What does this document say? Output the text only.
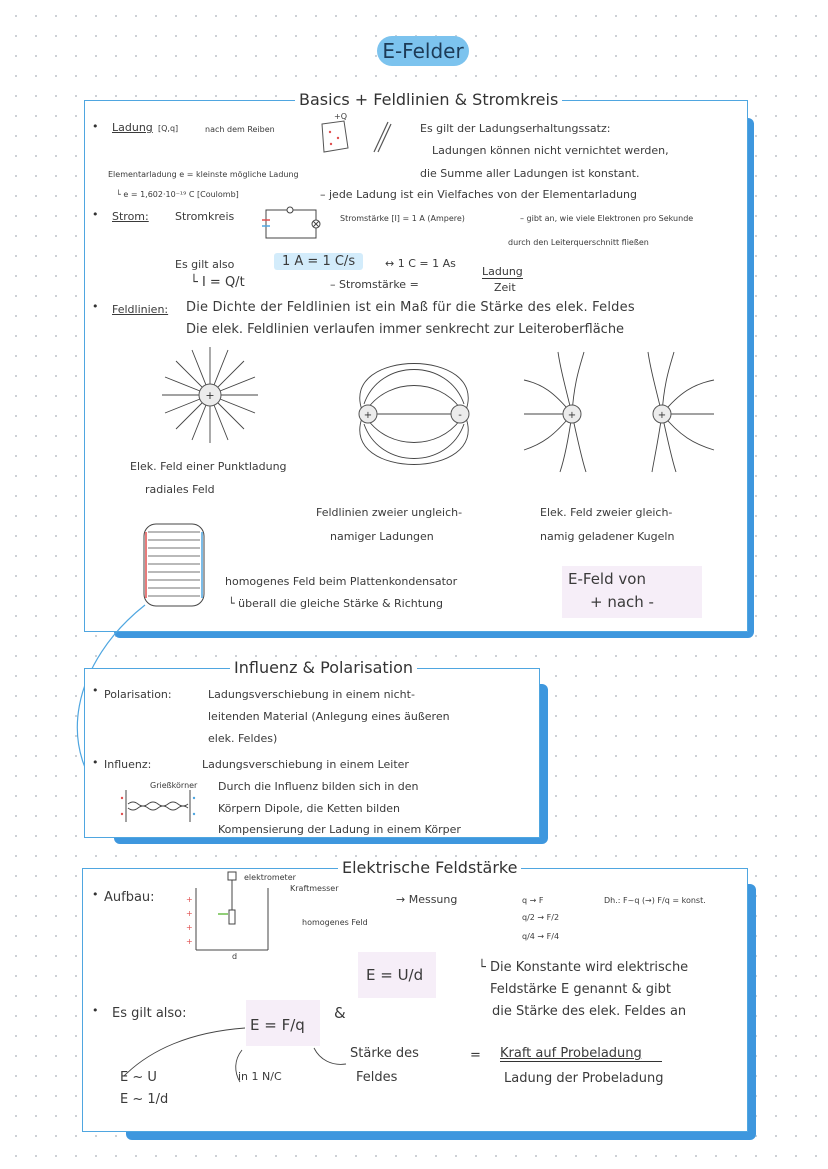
E-Felder
Basics + Feldlinien & Stromkreis
• Ladung [Q,q]	nach dem Reiben
+Q
Es gilt der Ladungserhaltungssatz:
Ladungen können nicht vernichtet werden,
die Summe aller Ladungen ist konstant.
Elementarladung e = kleinste mögliche Ladung
└ e = 1,602·10⁻¹⁹ C [Coulomb]	– jede Ladung ist ein Vielfaches von der Elementarladung
• Strom: Stromkreis	Stromstärke [I] = 1 A (Ampere)	– gibt an, wie viele Elektronen pro Sekunde
durch den Leiterquerschnitt fließen
Es gilt also	1 A = 1 C/s	↔ 1 C = 1 As
└ I = Q/t	– Stromstärke =
Ladung
Zeit
• Feldlinien: Die Dichte der Feldlinien ist ein Maß für die Stärke des elek. Feldes
Die elek. Feldlinien verlaufen immer senkrecht zur Leiteroberfläche
+
Elek. Feld einer Punktladung
radiales Feld
+	-
Feldlinien zweier ungleich-
namiger Ladungen
+	+
Elek. Feld zweier gleich-
namig geladener Kugeln
homogenes Feld beim Plattenkondensator
└ überall die gleiche Stärke & Richtung
E-Feld von
+ nach -
Influenz & Polarisation
• Polarisation:	Ladungsverschiebung in einem nicht-
leitenden Material (Anlegung eines äußeren
elek. Feldes)
• Influenz:	Ladungsverschiebung in einem Leiter
Durch die Influenz bilden sich in den
Körpern Dipole, die Ketten bilden
Kompensierung der Ladung in einem Körper
Grießkörner
Elektrische Feldstärke
• Aufbau:	+
+
+
+
d
elektrometer
Kraftmesser
homogenes Feld
→ Messung	q → F
q/2 → F/2
q/4 → F/4
Dh.: F~q (→) F/q = konst.
E = U/d	└ Die Konstante wird elektrische
Feldstärke E genannt & gibt
die Stärke des elek. Feldes an
• Es gilt also:
E = F/q
&
E ~ U
E ~ 1/d
in 1 N/C
Stärke des
Feldes
= Kraft auf Probeladung
Ladung der Probeladung
